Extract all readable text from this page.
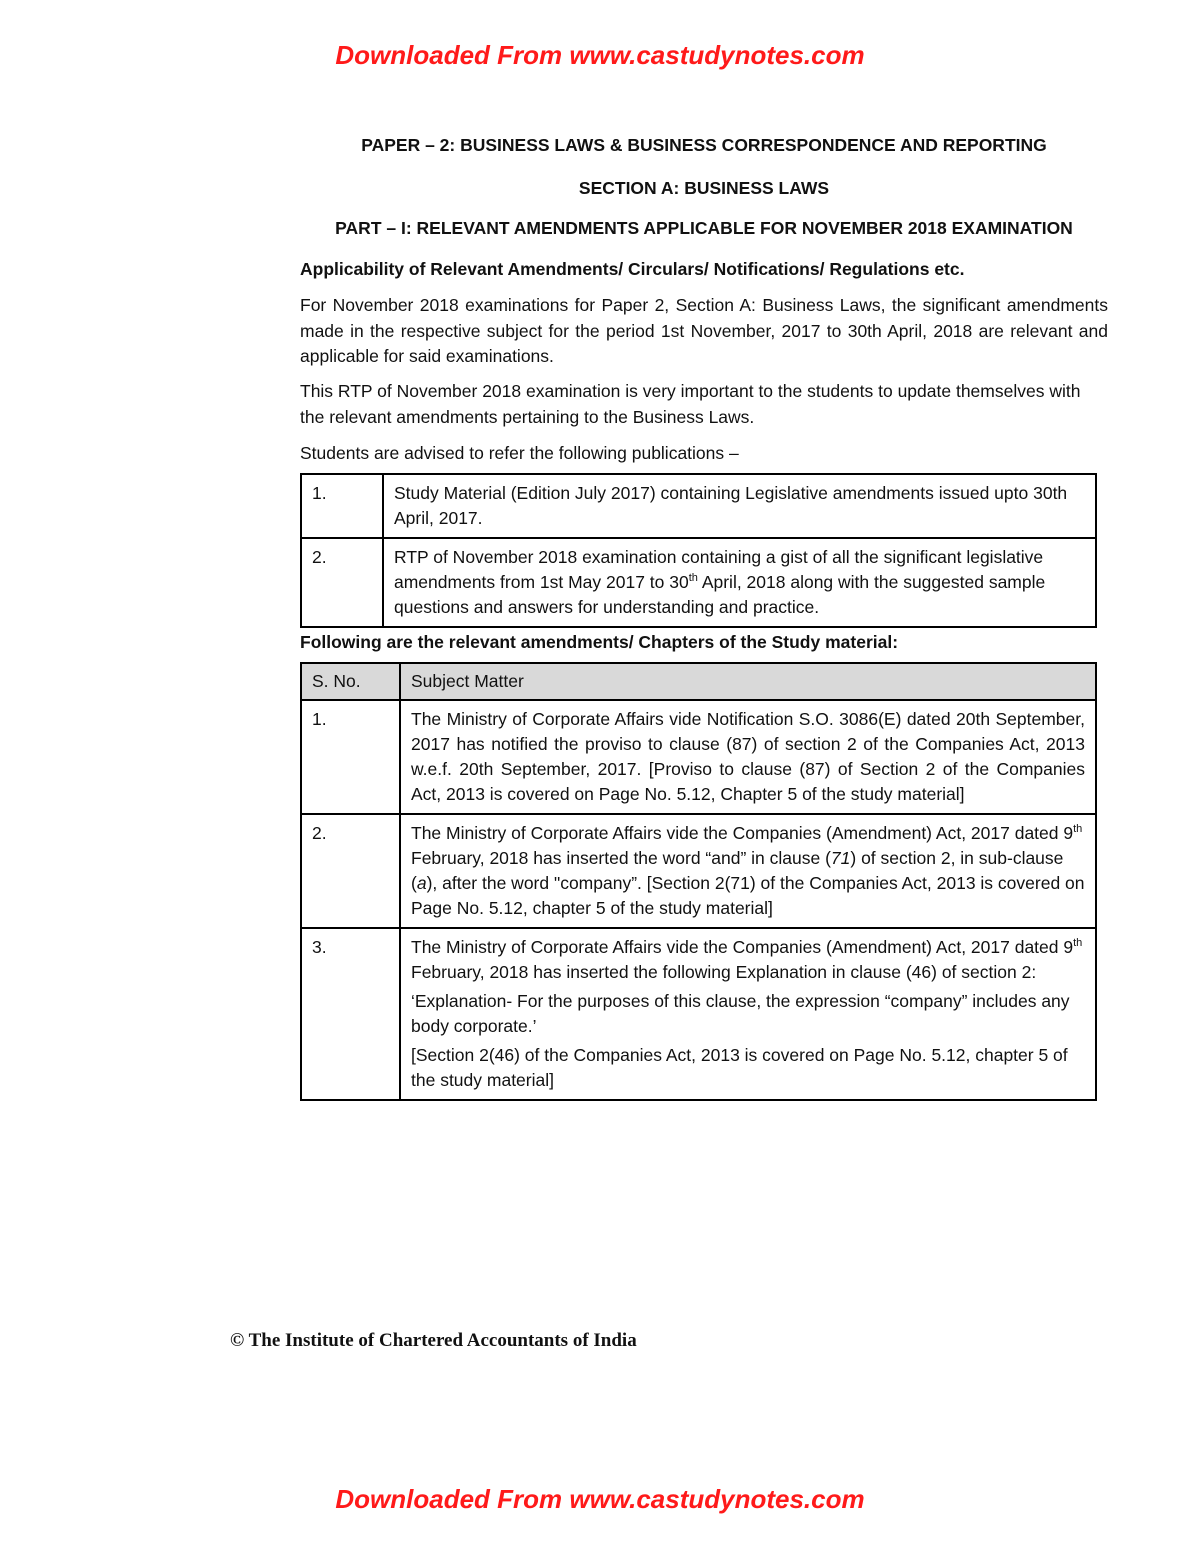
Downloaded From www.castudynotes.com
PAPER – 2: BUSINESS LAWS & BUSINESS CORRESPONDENCE AND REPORTING
SECTION A: BUSINESS LAWS
PART – I: RELEVANT AMENDMENTS APPLICABLE FOR NOVEMBER 2018 EXAMINATION
Applicability of Relevant Amendments/ Circulars/ Notifications/ Regulations etc.
For November 2018 examinations for Paper 2, Section A: Business Laws, the significant amendments made in the respective subject for the period 1st November, 2017 to 30th April, 2018 are relevant and applicable for said examinations.
This RTP of November 2018 examination is very important to the students to update themselves with the relevant amendments pertaining to the Business Laws.
Students are advised to refer the following publications –
1.	Study Material (Edition July 2017) containing Legislative amendments issued upto 30th April, 2017.
2.	RTP of November 2018 examination containing a gist of all the significant legislative amendments from 1st May 2017 to 30th April, 2018 along with the suggested sample questions and answers for understanding and practice.
Following are the relevant amendments/ Chapters of the Study material:
S. No.	Subject Matter
1.	The Ministry of Corporate Affairs vide Notification S.O. 3086(E) dated 20th September, 2017 has notified the proviso to clause (87) of section 2 of the Companies Act, 2013 w.e.f. 20th September, 2017. [Proviso to clause (87) of Section 2 of the Companies Act, 2013 is covered on Page No. 5.12, Chapter 5 of the study material]
2.	The Ministry of Corporate Affairs vide the Companies (Amendment) Act, 2017 dated 9th February, 2018 has inserted the word “and” in clause (71) of section 2, in sub-clause (a), after the word "company”. [Section 2(71) of the Companies Act, 2013 is covered on Page No. 5.12, chapter 5 of the study material]
3.	The Ministry of Corporate Affairs vide the Companies (Amendment) Act, 2017 dated 9th February, 2018 has inserted the following Explanation in clause (46) of section 2:
‘Explanation- For the purposes of this clause, the expression “company” includes any body corporate.’
[Section 2(46) of the Companies Act, 2013 is covered on Page No. 5.12, chapter 5 of the study material]
© The Institute of Chartered Accountants of India
Downloaded From www.castudynotes.com
